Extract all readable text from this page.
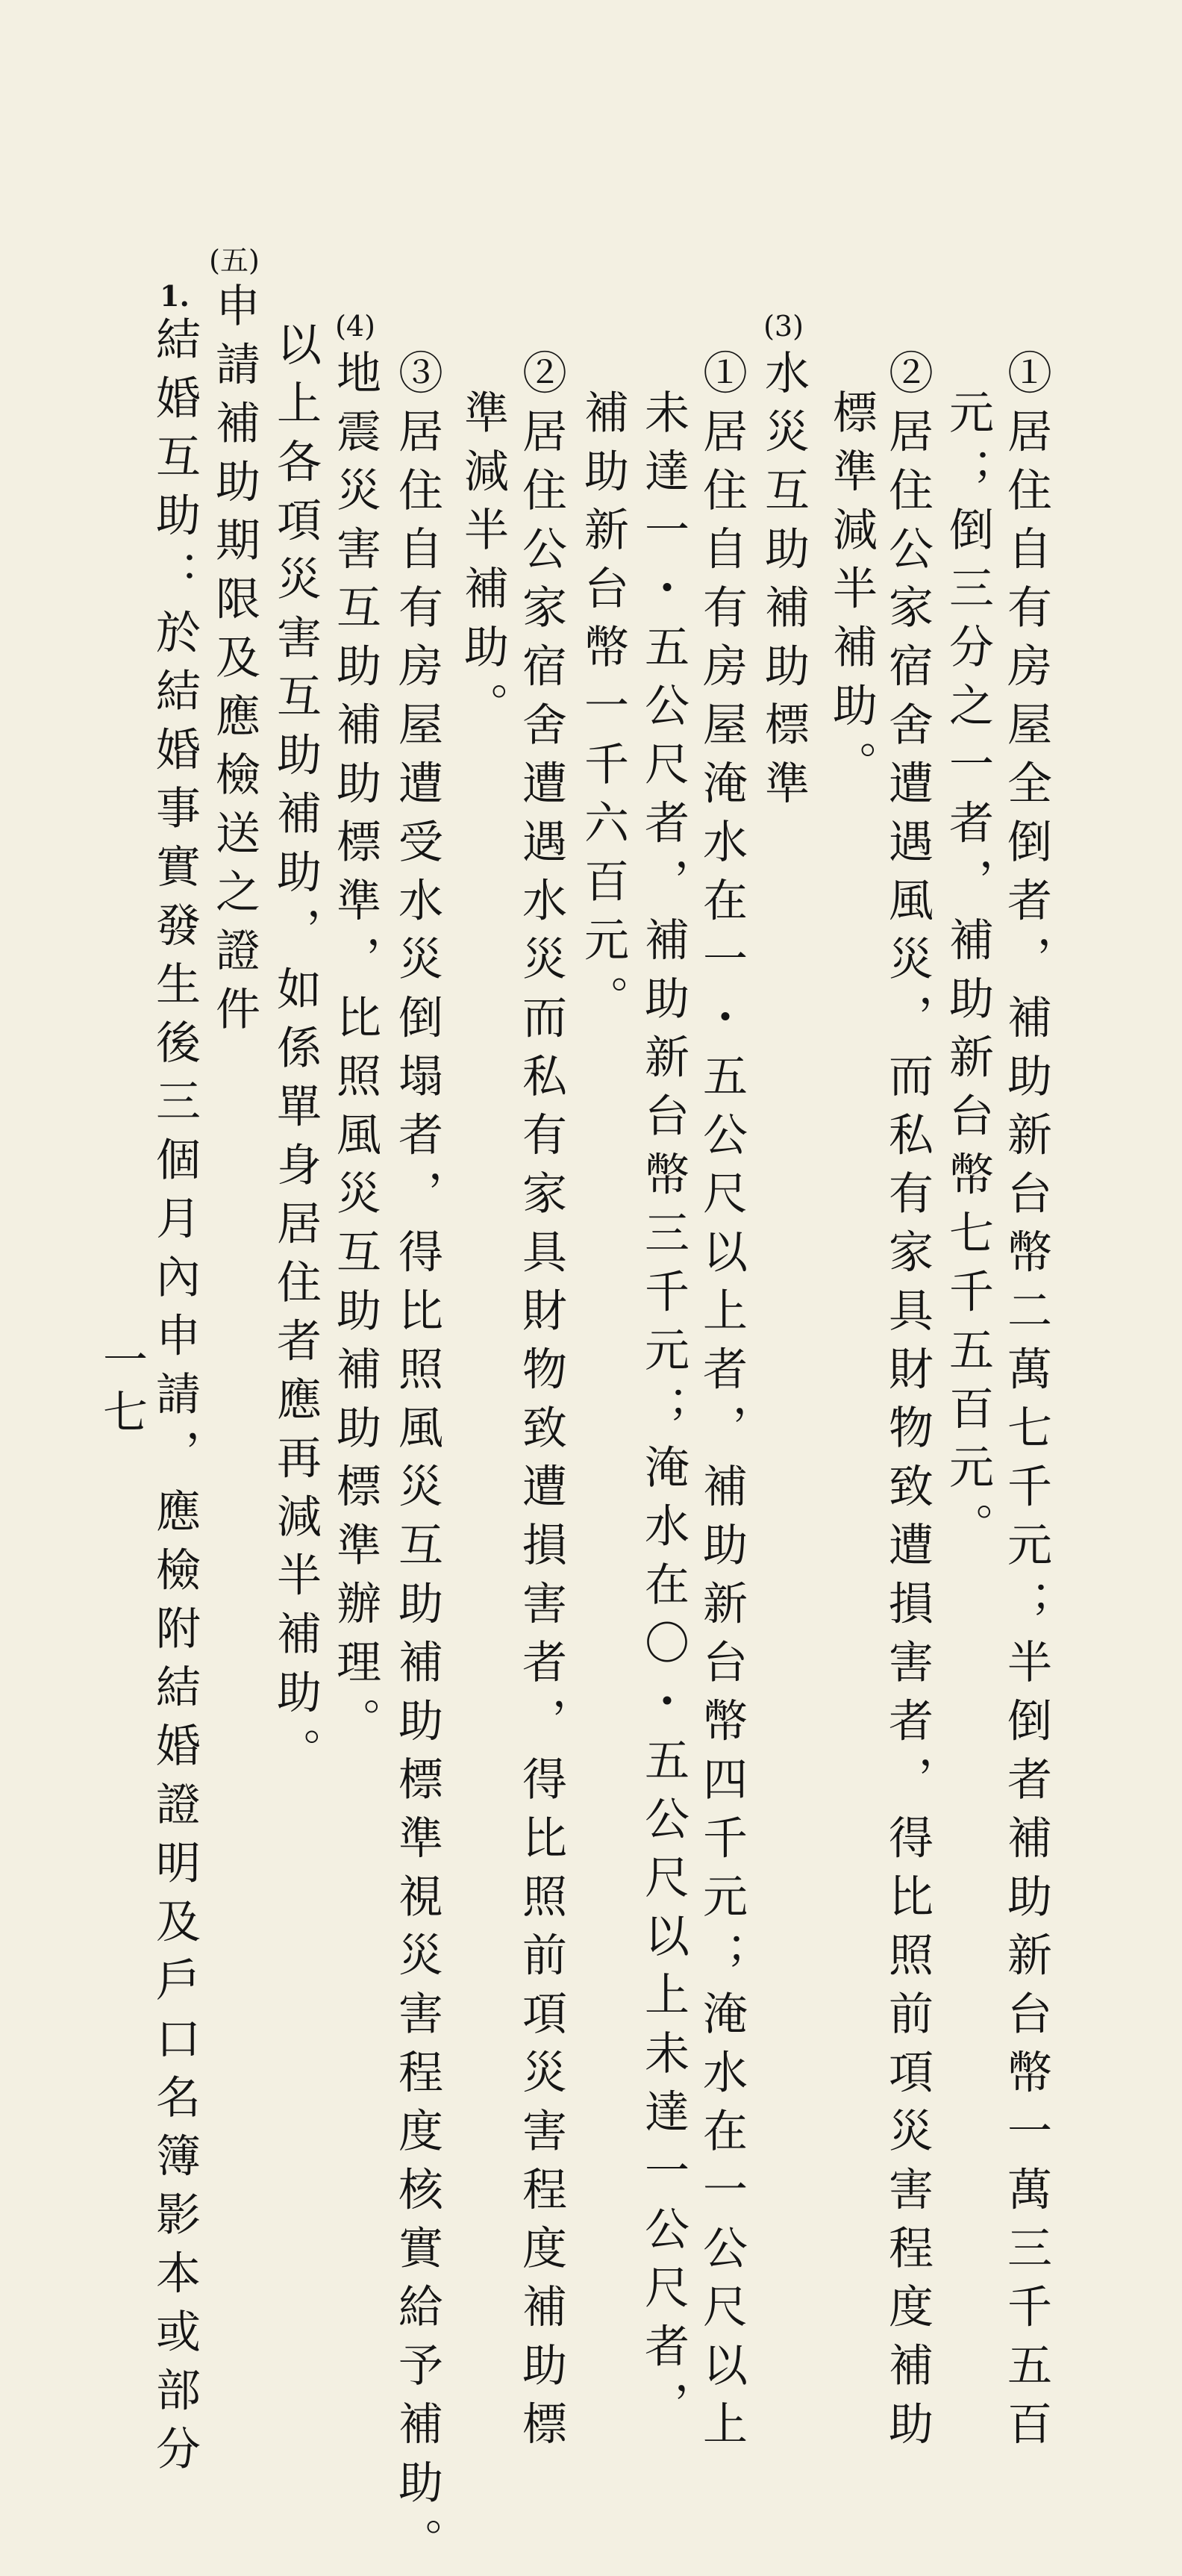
①居住自有房屋全倒者，補助新台幣二萬七千元；半倒者補助新台幣一萬三千五百
元；倒三分之一者，補助新台幣七千五百元。
②居住公家宿舍遭遇風災，而私有家具財物致遭損害者，得比照前項災害程度補助
標準減半補助。
(3)
水災互助補助標準
①居住自有房屋淹水在一・五公尺以上者，補助新台幣四千元；淹水在一公尺以上
未達一・五公尺者，補助新台幣三千元；淹水在〇・五公尺以上未達一公尺者，
補助新台幣一千六百元。
②居住公家宿舍遭遇水災而私有家具財物致遭損害者，得比照前項災害程度補助標
準減半補助。
③居住自有房屋遭受水災倒塌者，得比照風災互助補助標準視災害程度核實給予補助。
(4)
地震災害互助補助標準，比照風災互助補助標準辦理。
以上各項災害互助補助，如係單身居住者應再減半補助。
(五)
申請補助期限及應檢送之證件
1.
結婚互助：於結婚事實發生後三個月內申請，應檢附結婚證明及戶口名簿影本或部分
一七
